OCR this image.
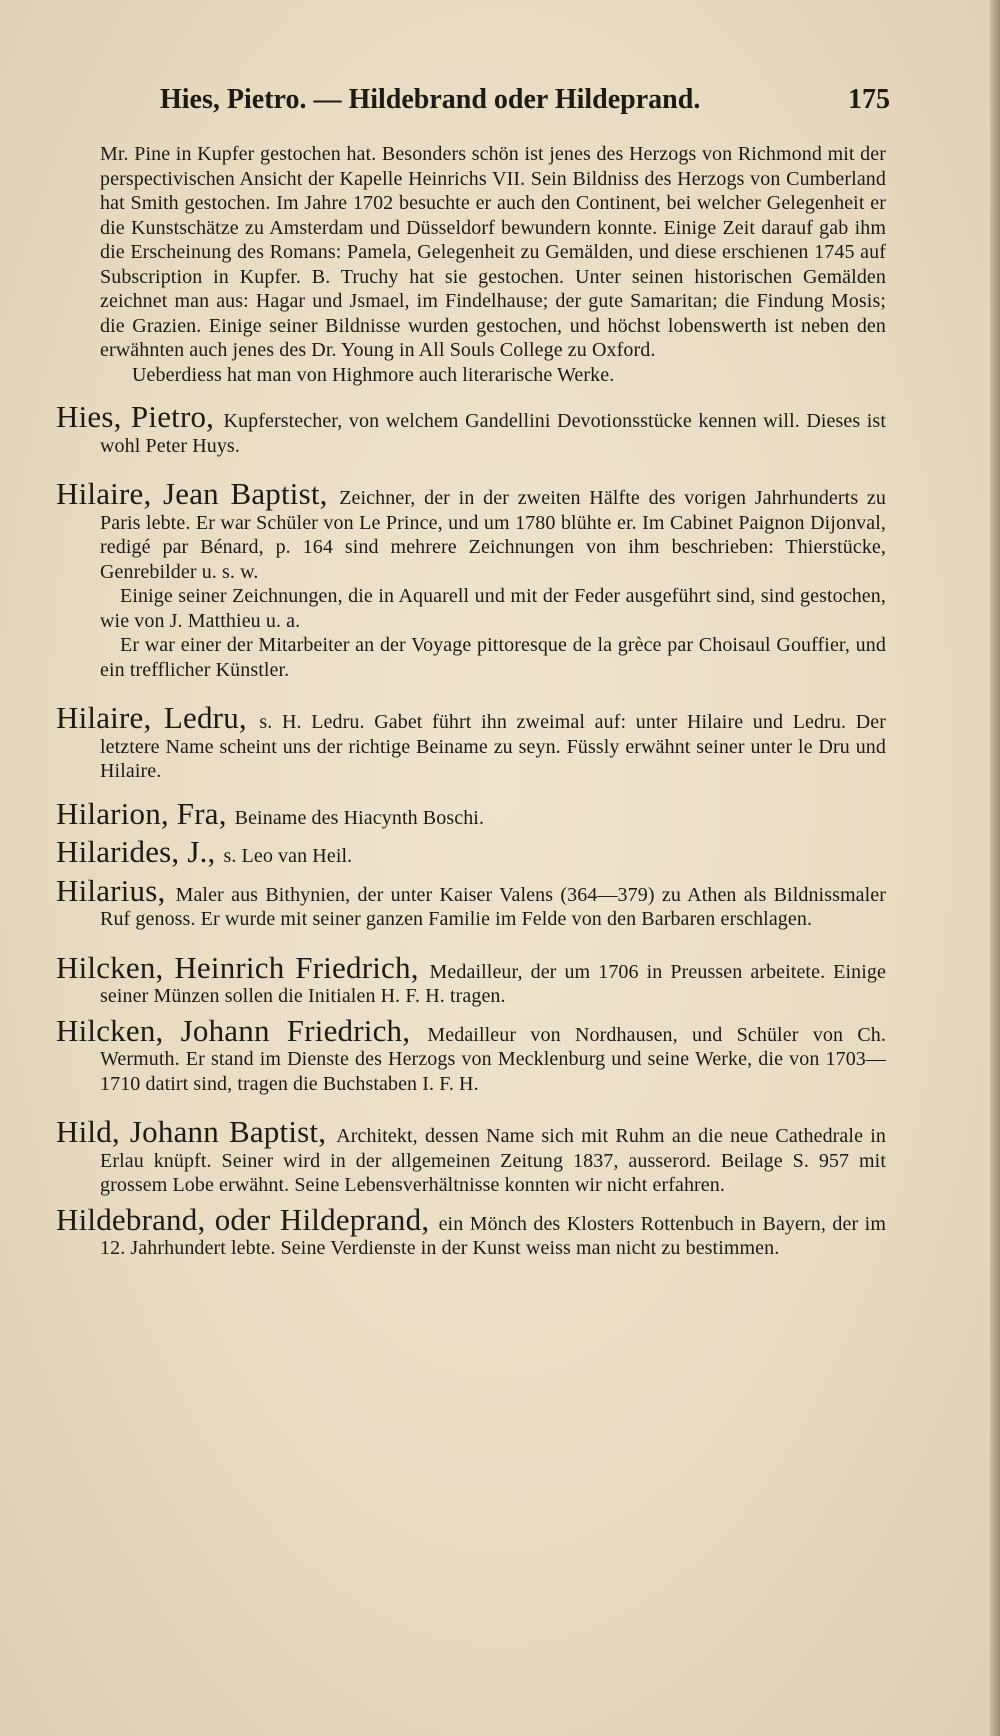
Hies, Pietro. — Hildebrand oder Hildeprand.	175

Mr. Pine in Kupfer gestochen hat. Besonders schön ist jenes des Herzogs von Richmond mit der perspectivischen Ansicht der Kapelle Heinrichs VII. Sein Bildniss des Herzogs von Cumberland hat Smith gestochen. Im Jahre 1702 besuchte er auch den Continent, bei welcher Gelegenheit er die Kunstschätze zu Amsterdam und Düsseldorf bewundern konnte. Einige Zeit darauf gab ihm die Erscheinung des Romans: Pamela, Gelegenheit zu Gemälden, und diese erschienen 1745 auf Subscription in Kupfer. B. Truchy hat sie gestochen. Unter seinen historischen Gemälden zeichnet man aus: Hagar und Jsmael, im Findelhause; der gute Samaritan; die Findung Mosis; die Grazien. Einige seiner Bildnisse wurden gestochen, und höchst lobenswerth ist neben den erwähnten auch jenes des Dr. Young in All Souls College zu Oxford.

Ueberdiess hat man von Highmore auch literarische Werke.

Hies, Pietro, Kupferstecher, von welchem Gandellini Devotionsstücke kennen will. Dieses ist wohl Peter Huys.
Hilaire, Jean Baptist, Zeichner, der in der zweiten Hälfte des vorigen Jahrhunderts zu Paris lebte. Er war Schüler von Le Prince, und um 1780 blühte er. Im Cabinet Paignon Dijonval, redigé par Bénard, p. 164 sind mehrere Zeichnungen von ihm beschrieben: Thierstücke, Genrebilder u. s. w.

Einige seiner Zeichnungen, die in Aquarell und mit der Feder ausgeführt sind, sind gestochen, wie von J. Matthieu u. a.

Er war einer der Mitarbeiter an der Voyage pittoresque de la grèce par Choisaul Gouffier, und ein trefflicher Künstler.

Hilaire, Ledru, s. H. Ledru. Gabet führt ihn zweimal auf: unter Hilaire und Ledru. Der letztere Name scheint uns der richtige Beiname zu seyn. Füssly erwähnt seiner unter le Dru und Hilaire.
Hilarion, Fra, Beiname des Hiacynth Boschi.
Hilarides, J., s. Leo van Heil.
Hilarius, Maler aus Bithynien, der unter Kaiser Valens (364—379) zu Athen als Bildnissmaler Ruf genoss. Er wurde mit seiner ganzen Familie im Felde von den Barbaren erschlagen.
Hilcken, Heinrich Friedrich, Medailleur, der um 1706 in Preussen arbeitete. Einige seiner Münzen sollen die Initialen H. F. H. tragen.
Hilcken, Johann Friedrich, Medailleur von Nordhausen, und Schüler von Ch. Wermuth. Er stand im Dienste des Herzogs von Mecklenburg und seine Werke, die von 1703—1710 datirt sind, tragen die Buchstaben I. F. H.
Hild, Johann Baptist, Architekt, dessen Name sich mit Ruhm an die neue Cathedrale in Erlau knüpft. Seiner wird in der allgemeinen Zeitung 1837, ausserord. Beilage S. 957 mit grossem Lobe erwähnt. Seine Lebensverhältnisse konnten wir nicht erfahren.
Hildebrand, oder Hildeprand, ein Mönch des Klosters Rottenbuch in Bayern, der im 12. Jahrhundert lebte. Seine Verdienste in der Kunst weiss man nicht zu bestimmen.
